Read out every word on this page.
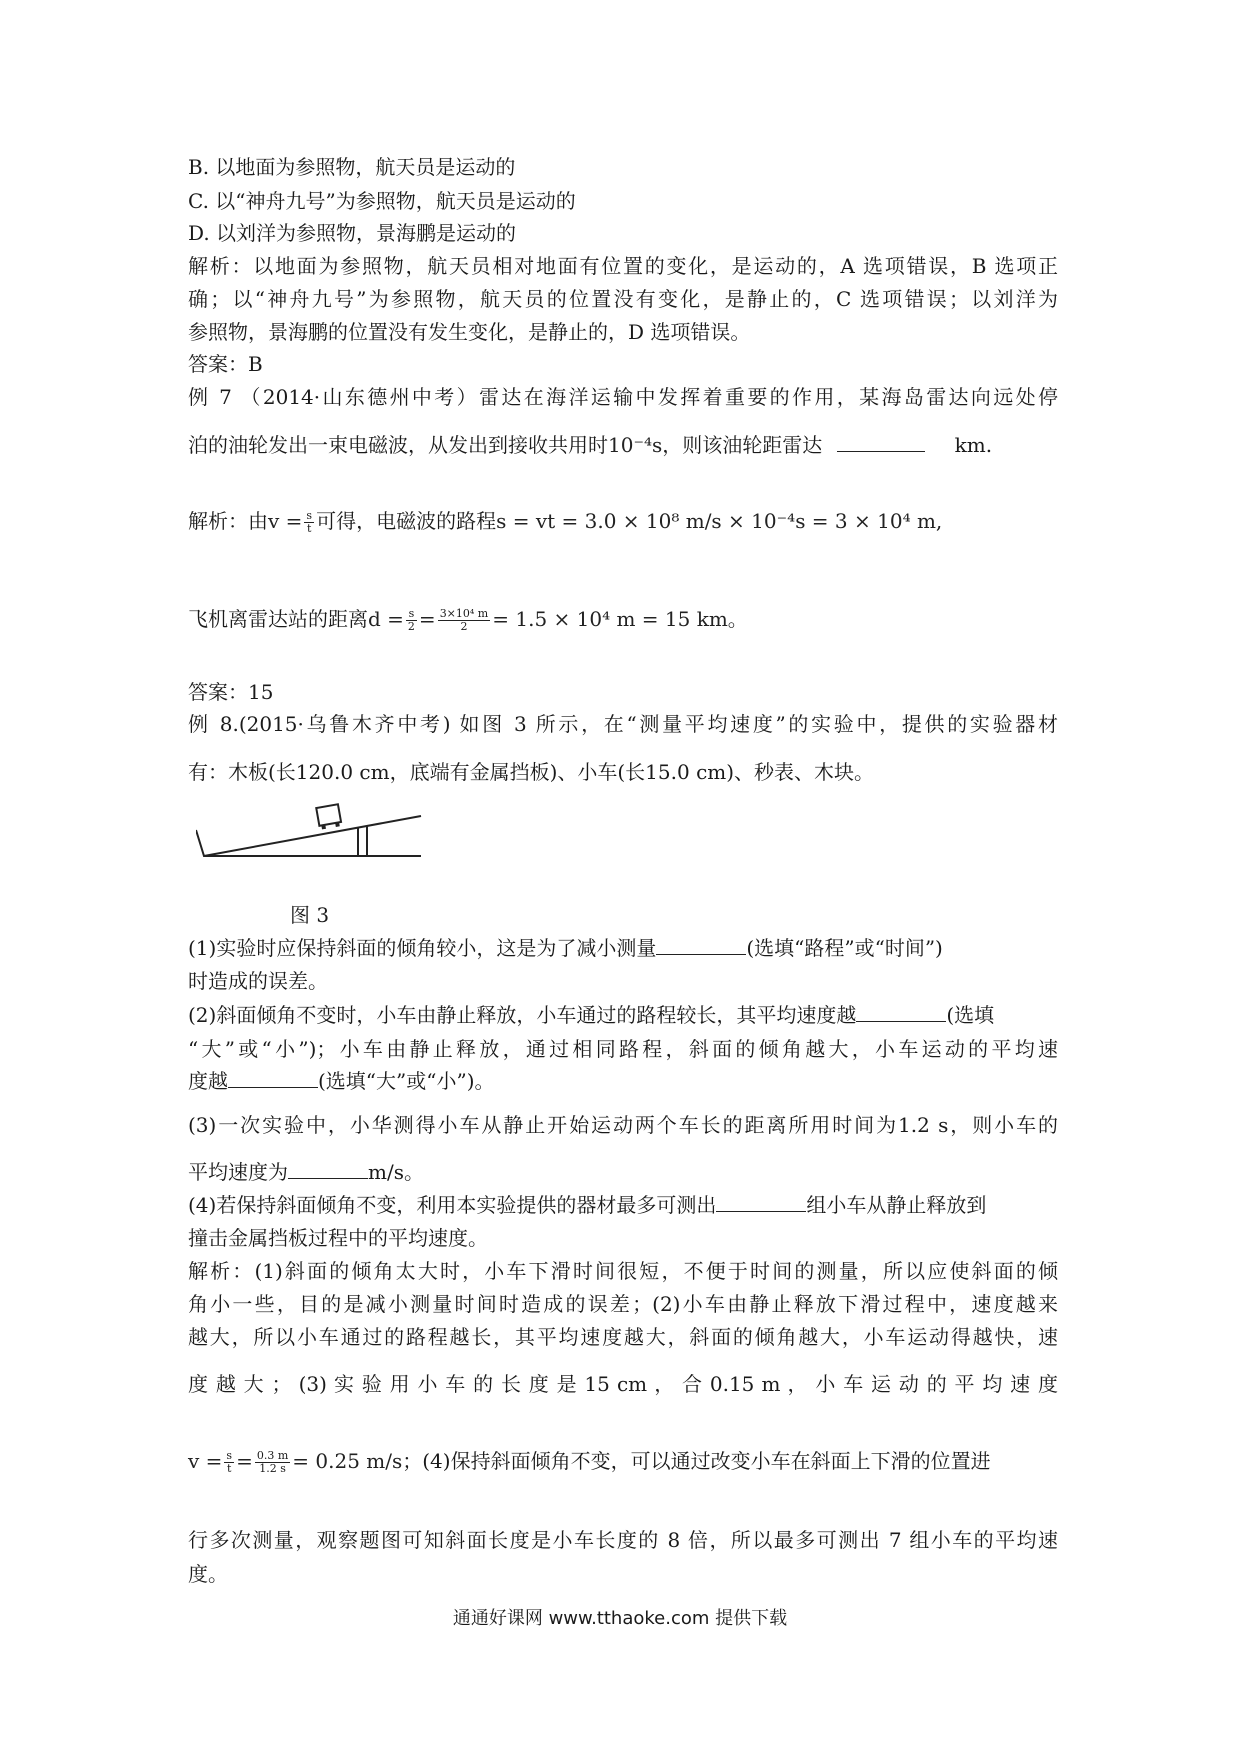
B. 以地面为参照物，航天员是运动的
C. 以“神舟九号”为参照物，航天员是运动的
D. 以刘洋为参照物，景海鹏是运动的
解析：以地面为参照物，航天员相对地面有位置的变化，是运动的，A 选项错误，B 选项正
确；以“神舟九号”为参照物，航天员的位置没有变化，是静止的，C 选项错误；以刘洋为
参照物，景海鹏的位置没有发生变化，是静止的，D 选项错误。
答案：B
例 7 （2014·山东德州中考）雷达在海洋运输中发挥着重要的作用，某海岛雷达向远处停
泊的油轮发出一束电磁波，从发出到接收共用时10⁻⁴s，则该油轮距雷达	km.
解析：由$v = \frac{s}{t}$ 可得，电磁波的路程s = vt = 3.0 × 10⁸ m/s × 10⁻⁴s = 3 × 10⁴ m,
飞机离雷达站的距离$d = \frac{s}{2} = \frac{\text{3×10⁴ m}}{2} = 1.5 \times 10^4$ m = 15 km。
答案：15
例 8.(2015·乌鲁木齐中考) 如图 3 所示，在“测量平均速度”的实验中，提供的实验器材
有：木板(长120.0 cm，底端有金属挡板)、小车(长15.0 cm)、秒表、木块。
图 3
(1)实验时应保持斜面的倾角较小，这是为了减小测量	(选填“路程”或“时间”)
时造成的误差。
(2)斜面倾角不变时，小车由静止释放，小车通过的路程较长，其平均速度越	(选填
“大”或“小”)；小车由静止释放，通过相同路程，斜面的倾角越大，小车运动的平均速
度越	(选填“大”或“小”)。
(3)一次实验中，小华测得小车从静止开始运动两个车长的距离所用时间为1.2 s，则小车的
平均速度为	m/s。
(4)若保持斜面倾角不变，利用本实验提供的器材最多可测出	组小车从静止释放到
撞击金属挡板过程中的平均速度。
解析：(1)斜面的倾角太大时，小车下滑时间很短，不便于时间的测量，所以应使斜面的倾
角小一些，目的是减小测量时间时造成的误差；(2)小车由静止释放下滑过程中，速度越来
越大，所以小车通过的路程越长，其平均速度越大，斜面的倾角越大，小车运动得越快，速
度 越 大 ； (3) 实 验 用 小 车 的 长 度 是 15 cm ， 合 0.15 m ， 小 车 运 动 的 平 均 速 度
$v = \frac{s}{t} = \frac{0.3 m}{1.2 s} = 0.25$ m/s；(4)保持斜面倾角不变，可以通过改变小车在斜面上下滑的位置进
行多次测量，观察题图可知斜面长度是小车长度的 8 倍，所以最多可测出 7 组小车的平均速
度。
通通好课网 www.tthaoke.com 提供下载
